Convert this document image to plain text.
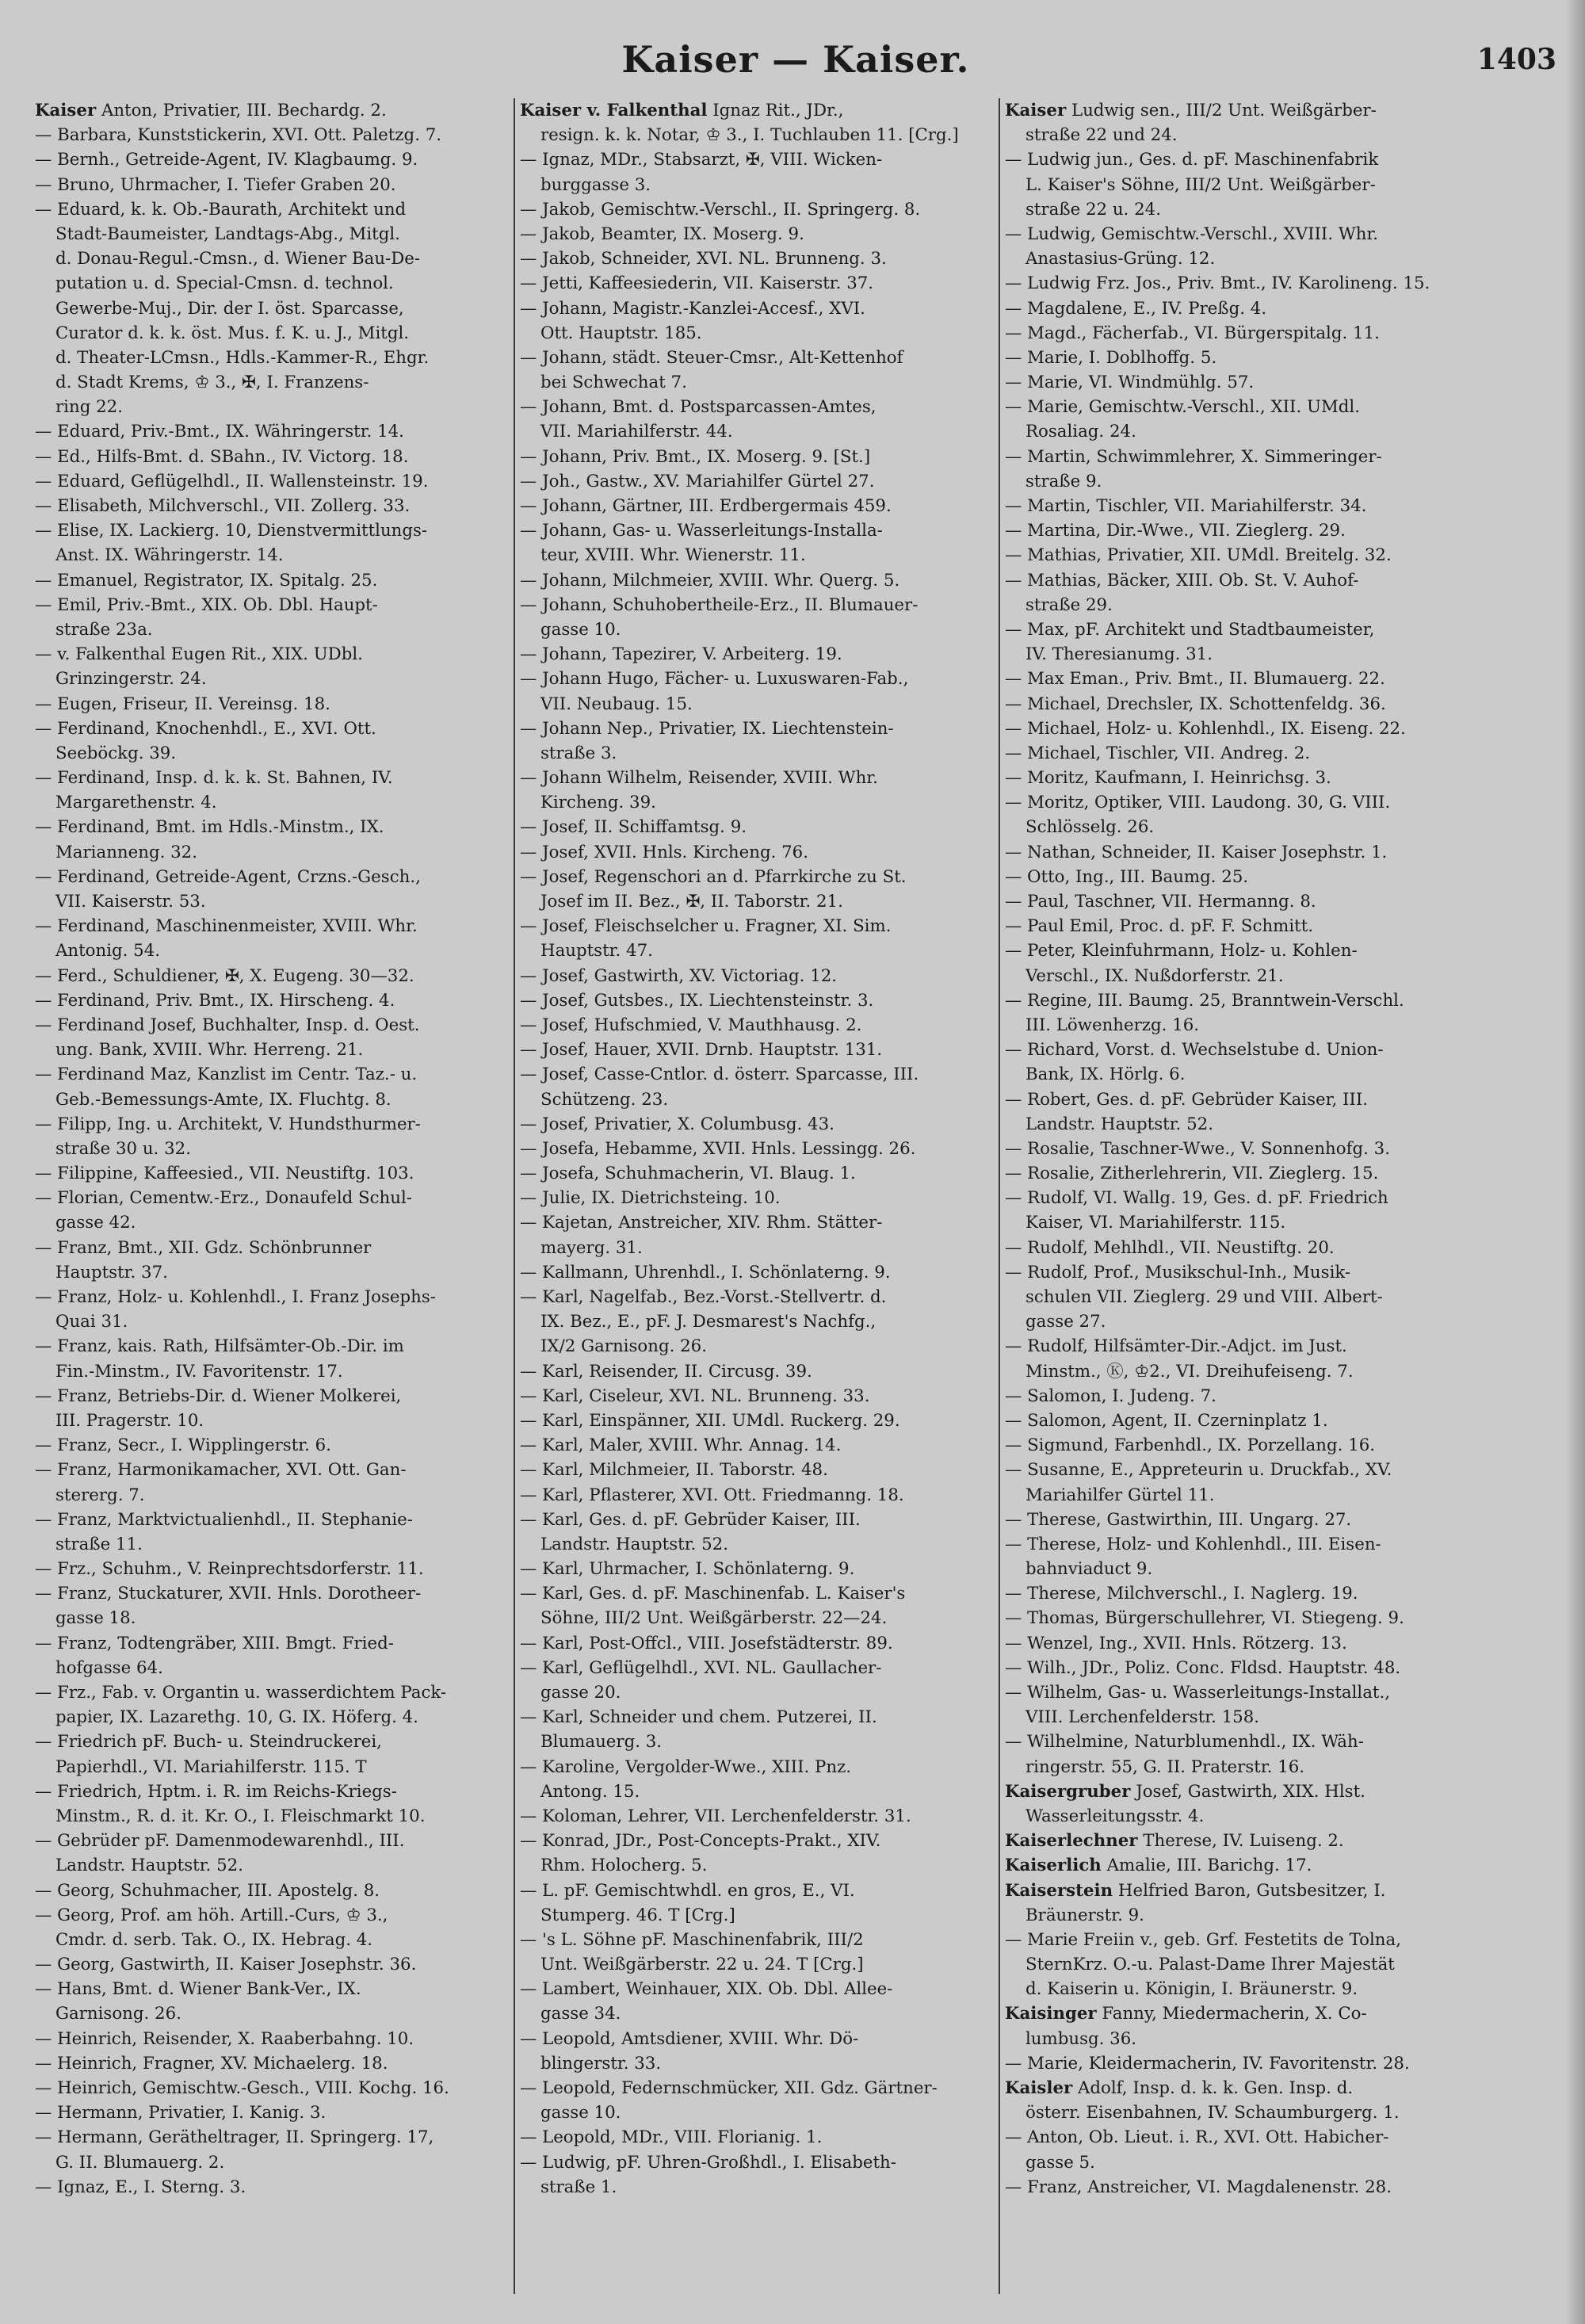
Kaiser — Kaiser.	1403
Kaiser Anton, Privatier, III. Bechardg. 2.
— Barbara, Kunststickerin, XVI. Ott. Paletzg. 7.
— Bernh., Getreide-Agent, IV. Klagbaumg. 9.
— Bruno, Uhrmacher, I. Tiefer Graben 20.
— Eduard, k. k. Ob.-Baurath, Architekt und
Stadt-Baumeister, Landtags-Abg., Mitgl.
d. Donau-Regul.-Cmsn., d. Wiener Bau-De-
putation u. d. Special-Cmsn. d. technol.
Gewerbe-Muj., Dir. der I. öst. Sparcasse,
Curator d. k. k. öst. Mus. f. K. u. J., Mitgl.
d. Theater-LCmsn., Hdls.-Kammer-R., Ehgr.
d. Stadt Krems, ♔ 3., ✠, I. Franzens-
ring 22.
— Eduard, Priv.-Bmt., IX. Währingerstr. 14.
— Ed., Hilfs-Bmt. d. SBahn., IV. Victorg. 18.
— Eduard, Geflügelhdl., II. Wallensteinstr. 19.
— Elisabeth, Milchverschl., VII. Zollerg. 33.
— Elise, IX. Lackierg. 10, Dienstvermittlungs-
Anst. IX. Währingerstr. 14.
— Emanuel, Registrator, IX. Spitalg. 25.
— Emil, Priv.-Bmt., XIX. Ob. Dbl. Haupt-
straße 23a.
— v. Falkenthal Eugen Rit., XIX. UDbl.
Grinzingerstr. 24.
— Eugen, Friseur, II. Vereinsg. 18.
— Ferdinand, Knochenhdl., E., XVI. Ott.
Seeböckg. 39.
— Ferdinand, Insp. d. k. k. St. Bahnen, IV.
Margarethenstr. 4.
— Ferdinand, Bmt. im Hdls.-Minstm., IX.
Marianneng. 32.
— Ferdinand, Getreide-Agent, Crzns.-Gesch.,
VII. Kaiserstr. 53.
— Ferdinand, Maschinenmeister, XVIII. Whr.
Antonig. 54.
— Ferd., Schuldiener, ✠, X. Eugeng. 30—32.
— Ferdinand, Priv. Bmt., IX. Hirscheng. 4.
— Ferdinand Josef, Buchhalter, Insp. d. Oest.
ung. Bank, XVIII. Whr. Herreng. 21.
— Ferdinand Maz, Kanzlist im Centr. Taz.- u.
Geb.-Bemessungs-Amte, IX. Fluchtg. 8.
— Filipp, Ing. u. Architekt, V. Hundsthurmer-
straße 30 u. 32.
— Filippine, Kaffeesied., VII. Neustiftg. 103.
— Florian, Cementw.-Erz., Donaufeld Schul-
gasse 42.
— Franz, Bmt., XII. Gdz. Schönbrunner
Hauptstr. 37.
— Franz, Holz- u. Kohlenhdl., I. Franz Josephs-
Quai 31.
— Franz, kais. Rath, Hilfsämter-Ob.-Dir. im
Fin.-Minstm., IV. Favoritenstr. 17.
— Franz, Betriebs-Dir. d. Wiener Molkerei,
III. Pragerstr. 10.
— Franz, Secr., I. Wipplingerstr. 6.
— Franz, Harmonikamacher, XVI. Ott. Gan-
stererg. 7.
— Franz, Marktvictualienhdl., II. Stephanie-
straße 11.
— Frz., Schuhm., V. Reinprechtsdorferstr. 11.
— Franz, Stuckaturer, XVII. Hnls. Dorotheer-
gasse 18.
— Franz, Todtengräber, XIII. Bmgt. Fried-
hofgasse 64.
— Frz., Fab. v. Organtin u. wasserdichtem Pack-
papier, IX. Lazarethg. 10, G. IX. Höferg. 4.
— Friedrich pF. Buch- u. Steindruckerei,
Papierhdl., VI. Mariahilferstr. 115. T
— Friedrich, Hptm. i. R. im Reichs-Kriegs-
Minstm., R. d. it. Kr. O., I. Fleischmarkt 10.
— Gebrüder pF. Damenmodewarenhdl., III.
Landstr. Hauptstr. 52.
— Georg, Schuhmacher, III. Apostelg. 8.
— Georg, Prof. am höh. Artill.-Curs, ♔ 3.,
Cmdr. d. serb. Tak. O., IX. Hebrag. 4.
— Georg, Gastwirth, II. Kaiser Josephstr. 36.
— Hans, Bmt. d. Wiener Bank-Ver., IX.
Garnisong. 26.
— Heinrich, Reisender, X. Raaberbahng. 10.
— Heinrich, Fragner, XV. Michaelerg. 18.
— Heinrich, Gemischtw.-Gesch., VIII. Kochg. 16.
— Hermann, Privatier, I. Kanig. 3.
— Hermann, Gerätheltrager, II. Springerg. 17,
G. II. Blumauerg. 2.
— Ignaz, E., I. Sterng. 3.
Kaiser v. Falkenthal Ignaz Rit., JDr.,
resign. k. k. Notar, ♔ 3., I. Tuchlauben 11. [Crg.]
— Ignaz, MDr., Stabsarzt, ✠, VIII. Wicken-
burggasse 3.
— Jakob, Gemischtw.-Verschl., II. Springerg. 8.
— Jakob, Beamter, IX. Moserg. 9.
— Jakob, Schneider, XVI. NL. Brunneng. 3.
— Jetti, Kaffeesiederin, VII. Kaiserstr. 37.
— Johann, Magistr.-Kanzlei-Accesf., XVI.
Ott. Hauptstr. 185.
— Johann, städt. Steuer-Cmsr., Alt-Kettenhof
bei Schwechat 7.
— Johann, Bmt. d. Postsparcassen-Amtes,
VII. Mariahilferstr. 44.
— Johann, Priv. Bmt., IX. Moserg. 9. [St.]
— Joh., Gastw., XV. Mariahilfer Gürtel 27.
— Johann, Gärtner, III. Erdbergermais 459.
— Johann, Gas- u. Wasserleitungs-Installa-
teur, XVIII. Whr. Wienerstr. 11.
— Johann, Milchmeier, XVIII. Whr. Querg. 5.
— Johann, Schuhobertheile-Erz., II. Blumauer-
gasse 10.
— Johann, Tapezirer, V. Arbeiterg. 19.
— Johann Hugo, Fächer- u. Luxuswaren-Fab.,
VII. Neubaug. 15.
— Johann Nep., Privatier, IX. Liechtenstein-
straße 3.
— Johann Wilhelm, Reisender, XVIII. Whr.
Kircheng. 39.
— Josef, II. Schiffamtsg. 9.
— Josef, XVII. Hnls. Kircheng. 76.
— Josef, Regenschori an d. Pfarrkirche zu St.
Josef im II. Bez., ✠, II. Taborstr. 21.
— Josef, Fleischselcher u. Fragner, XI. Sim.
Hauptstr. 47.
— Josef, Gastwirth, XV. Victoriag. 12.
— Josef, Gutsbes., IX. Liechtensteinstr. 3.
— Josef, Hufschmied, V. Mauthhausg. 2.
— Josef, Hauer, XVII. Drnb. Hauptstr. 131.
— Josef, Casse-Cntlor. d. österr. Sparcasse, III.
Schützeng. 23.
— Josef, Privatier, X. Columbusg. 43.
— Josefa, Hebamme, XVII. Hnls. Lessingg. 26.
— Josefa, Schuhmacherin, VI. Blaug. 1.
— Julie, IX. Dietrichsteing. 10.
— Kajetan, Anstreicher, XIV. Rhm. Stätter-
mayerg. 31.
— Kallmann, Uhrenhdl., I. Schönlaterng. 9.
— Karl, Nagelfab., Bez.-Vorst.-Stellvertr. d.
IX. Bez., E., pF. J. Desmarest's Nachfg.,
IX/2 Garnisong. 26.
— Karl, Reisender, II. Circusg. 39.
— Karl, Ciseleur, XVI. NL. Brunneng. 33.
— Karl, Einspänner, XII. UMdl. Ruckerg. 29.
— Karl, Maler, XVIII. Whr. Annag. 14.
— Karl, Milchmeier, II. Taborstr. 48.
— Karl, Pflasterer, XVI. Ott. Friedmanng. 18.
— Karl, Ges. d. pF. Gebrüder Kaiser, III.
Landstr. Hauptstr. 52.
— Karl, Uhrmacher, I. Schönlaterng. 9.
— Karl, Ges. d. pF. Maschinenfab. L. Kaiser's
Söhne, III/2 Unt. Weißgärberstr. 22—24.
— Karl, Post-Offcl., VIII. Josefstädterstr. 89.
— Karl, Geflügelhdl., XVI. NL. Gaullacher-
gasse 20.
— Karl, Schneider und chem. Putzerei, II.
Blumauerg. 3.
— Karoline, Vergolder-Wwe., XIII. Pnz.
Antong. 15.
— Koloman, Lehrer, VII. Lerchenfelderstr. 31.
— Konrad, JDr., Post-Concepts-Prakt., XIV.
Rhm. Holocherg. 5.
— L. pF. Gemischtwhdl. en gros, E., VI.
Stumperg. 46. T [Crg.]
— 's L. Söhne pF. Maschinenfabrik, III/2
Unt. Weißgärberstr. 22 u. 24. T [Crg.]
— Lambert, Weinhauer, XIX. Ob. Dbl. Allee-
gasse 34.
— Leopold, Amtsdiener, XVIII. Whr. Dö-
blingerstr. 33.
— Leopold, Federnschmücker, XII. Gdz. Gärtner-
gasse 10.
— Leopold, MDr., VIII. Florianig. 1.
— Ludwig, pF. Uhren-Großhdl., I. Elisabeth-
straße 1.
Kaiser Ludwig sen., III/2 Unt. Weißgärber-
straße 22 und 24.
— Ludwig jun., Ges. d. pF. Maschinenfabrik
L. Kaiser's Söhne, III/2 Unt. Weißgärber-
straße 22 u. 24.
— Ludwig, Gemischtw.-Verschl., XVIII. Whr.
Anastasius-Grüng. 12.
— Ludwig Frz. Jos., Priv. Bmt., IV. Karolineng. 15.
— Magdalene, E., IV. Preßg. 4.
— Magd., Fächerfab., VI. Bürgerspitalg. 11.
— Marie, I. Doblhoffg. 5.
— Marie, VI. Windmühlg. 57.
— Marie, Gemischtw.-Verschl., XII. UMdl.
Rosaliag. 24.
— Martin, Schwimmlehrer, X. Simmeringer-
straße 9.
— Martin, Tischler, VII. Mariahilferstr. 34.
— Martina, Dir.-Wwe., VII. Zieglerg. 29.
— Mathias, Privatier, XII. UMdl. Breitelg. 32.
— Mathias, Bäcker, XIII. Ob. St. V. Auhof-
straße 29.
— Max, pF. Architekt und Stadtbaumeister,
IV. Theresianumg. 31.
— Max Eman., Priv. Bmt., II. Blumauerg. 22.
— Michael, Drechsler, IX. Schottenfeldg. 36.
— Michael, Holz- u. Kohlenhdl., IX. Eiseng. 22.
— Michael, Tischler, VII. Andreg. 2.
— Moritz, Kaufmann, I. Heinrichsg. 3.
— Moritz, Optiker, VIII. Laudong. 30, G. VIII.
Schlösselg. 26.
— Nathan, Schneider, II. Kaiser Josephstr. 1.
— Otto, Ing., III. Baumg. 25.
— Paul, Taschner, VII. Hermanng. 8.
— Paul Emil, Proc. d. pF. F. Schmitt.
— Peter, Kleinfuhrmann, Holz- u. Kohlen-
Verschl., IX. Nußdorferstr. 21.
— Regine, III. Baumg. 25, Branntwein-Verschl.
III. Löwenherzg. 16.
— Richard, Vorst. d. Wechselstube d. Union-
Bank, IX. Hörlg. 6.
— Robert, Ges. d. pF. Gebrüder Kaiser, III.
Landstr. Hauptstr. 52.
— Rosalie, Taschner-Wwe., V. Sonnenhofg. 3.
— Rosalie, Zitherlehrerin, VII. Zieglerg. 15.
— Rudolf, VI. Wallg. 19, Ges. d. pF. Friedrich
Kaiser, VI. Mariahilferstr. 115.
— Rudolf, Mehlhdl., VII. Neustiftg. 20.
— Rudolf, Prof., Musikschul-Inh., Musik-
schulen VII. Zieglerg. 29 und VIII. Albert-
gasse 27.
— Rudolf, Hilfsämter-Dir.-Adjct. im Just.
Minstm., Ⓚ, ♔2., VI. Dreihufeiseng. 7.
— Salomon, I. Judeng. 7.
— Salomon, Agent, II. Czerninplatz 1.
— Sigmund, Farbenhdl., IX. Porzellang. 16.
— Susanne, E., Appreteurin u. Druckfab., XV.
Mariahilfer Gürtel 11.
— Therese, Gastwirthin, III. Ungarg. 27.
— Therese, Holz- und Kohlenhdl., III. Eisen-
bahnviaduct 9.
— Therese, Milchverschl., I. Naglerg. 19.
— Thomas, Bürgerschullehrer, VI. Stiegeng. 9.
— Wenzel, Ing., XVII. Hnls. Rötzerg. 13.
— Wilh., JDr., Poliz. Conc. Fldsd. Hauptstr. 48.
— Wilhelm, Gas- u. Wasserleitungs-Installat.,
VIII. Lerchenfelderstr. 158.
— Wilhelmine, Naturblumenhdl., IX. Wäh-
ringerstr. 55, G. II. Praterstr. 16.
Kaisergruber Josef, Gastwirth, XIX. Hlst.
Wasserleitungsstr. 4.
Kaiserlechner Therese, IV. Luiseng. 2.
Kaiserlich Amalie, III. Barichg. 17.
Kaiserstein Helfried Baron, Gutsbesitzer, I.
Bräunerstr. 9.
— Marie Freiin v., geb. Grf. Festetits de Tolna,
SternKrz. O.-u. Palast-Dame Ihrer Majestät
d. Kaiserin u. Königin, I. Bräunerstr. 9.
Kaisinger Fanny, Miedermacherin, X. Co-
lumbusg. 36.
— Marie, Kleidermacherin, IV. Favoritenstr. 28.
Kaisler Adolf, Insp. d. k. k. Gen. Insp. d.
österr. Eisenbahnen, IV. Schaumburgerg. 1.
— Anton, Ob. Lieut. i. R., XVI. Ott. Habicher-
gasse 5.
— Franz, Anstreicher, VI. Magdalenenstr. 28.
